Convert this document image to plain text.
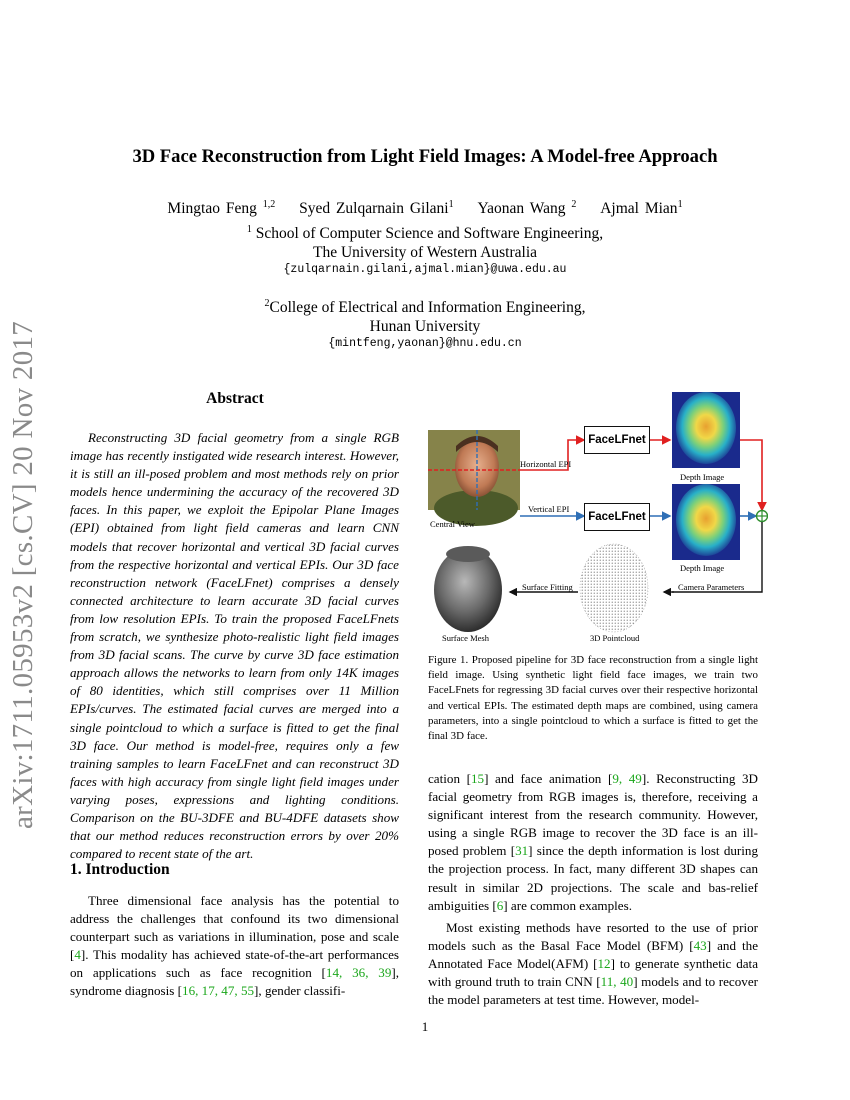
arXiv:1711.05953v2 [cs.CV] 20 Nov 2017
3D Face Reconstruction from Light Field Images: A Model-free Approach
Mingtao Feng $^{1,2}$ Syed Zulqarnain Gilani$^1$ Yaonan Wang $^2$ Ajmal Mian$^1$
$^1$ School of Computer Science and Software Engineering,
The University of Western Australia
{zulqarnain.gilani,ajmal.mian}@uwa.edu.au
$^2$College of Electrical and Information Engineering,
Hunan University
{mintfeng,yaonan}@hnu.edu.cn
Abstract

Reconstructing 3D facial geometry from a single RGB image has recently instigated wide research interest. However, it is still an ill-posed problem and most methods rely on prior models hence undermining the accuracy of the recovered 3D faces. In this paper, we exploit the Epipolar Plane Images (EPI) obtained from light field cameras and learn CNN models that recover horizontal and vertical 3D facial curves from the respective horizontal and vertical EPIs. Our 3D face reconstruction network (FaceLFnet) comprises a densely connected architecture to learn accurate 3D facial curves from low resolution EPIs. To train the proposed FaceLFnets from scratch, we synthesize photo-realistic light field images from 3D facial scans. The curve by curve 3D face estimation approach allows the networks to learn from only 14K images of 80 identities, which still comprises over 11 Million EPIs/curves. The estimated facial curves are merged into a single pointcloud to which a surface is fitted to get the final 3D face. Our method is model-free, requires only a few training samples to learn FaceLFnet and can reconstruct 3D faces with high accuracy from single light field images under varying poses, expressions and lighting conditions. Comparison on the BU-3DFE and BU-4DFE datasets show that our method reduces reconstruction errors by over 20% compared to recent state of the art.

1. Introduction

Three dimensional face analysis has the potential to address the challenges that confound its two dimensional counterpart such as variations in illumination, pose and scale [4]. This modality has achieved state-of-the-art performances on applications such as face recognition [14, 36, 39], syndrome diagnosis [16, 17, 47, 55], gender classifi-

FaceLFnet
FaceLFnet
Horizontal EPI
Vertical EPI
Central View
Depth Image
Depth Image
Surface Fitting	Camera Parameters
Surface Mesh	3D Pointcloud
Figure 1. Proposed pipeline for 3D face reconstruction from a single light field image. Using synthetic light field face images, we train two FaceLFnets for regressing 3D facial curves over their respective horizontal and vertical EPIs. The estimated depth maps are combined, using camera parameters, into a single pointcloud to which a surface is fitted to get the final 3D face.

cation [15] and face animation [9, 49]. Reconstructing 3D facial geometry from RGB images is, therefore, receiving a significant interest from the research community. However, using a single RGB image to recover the 3D face is an ill-posed problem [31] since the depth information is lost during the projection process. In fact, many different 3D shapes can result in similar 2D projections. The scale and bas-relief ambiguities [6] are common examples.

Most existing methods have resorted to the use of prior models such as the Basal Face Model (BFM) [43] and the Annotated Face Model(AFM) [12] to generate synthetic data with ground truth to train CNN [11, 40] models and to recover the model parameters at test time. However, model-

1
